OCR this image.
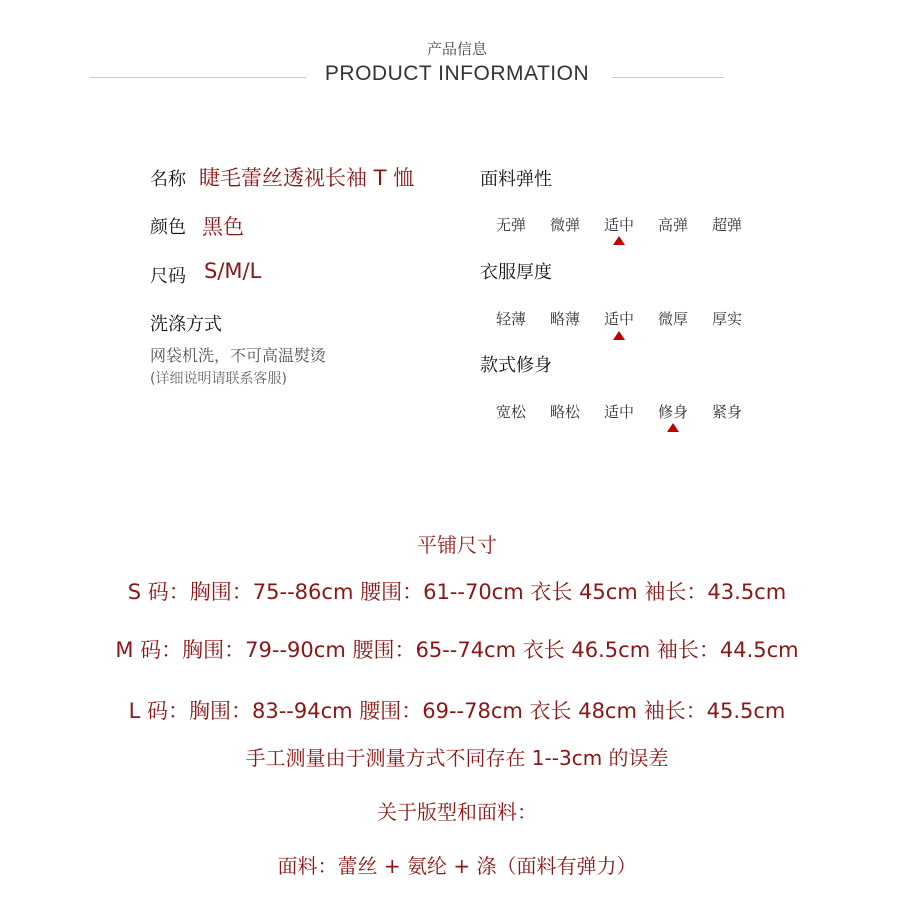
产品信息
PRODUCT INFORMATION
名称 睫毛蕾丝透视长袖 T 恤
颜色 黑色
尺码 S/M/L
洗涤方式
网袋机洗，不可高温熨烫
(详细说明请联系客服)
面料弹性
无弹	微弹	适中	高弹	超弹
衣服厚度
轻薄	略薄	适中	微厚	厚实
款式修身
宽松	略松	适中	修身	紧身
平铺尺寸
S 码：胸围：75--86cm 腰围：61--70cm 衣长 45cm 袖长：43.5cm
M 码：胸围：79--90cm 腰围：65--74cm 衣长 46.5cm 袖长：44.5cm
L 码：胸围：83--94cm 腰围：69--78cm 衣长 48cm 袖长：45.5cm
手工测量由于测量方式不同存在 1--3cm 的误差
关于版型和面料：
面料：蕾丝 + 氨纶 + 涤（面料有弹力）
